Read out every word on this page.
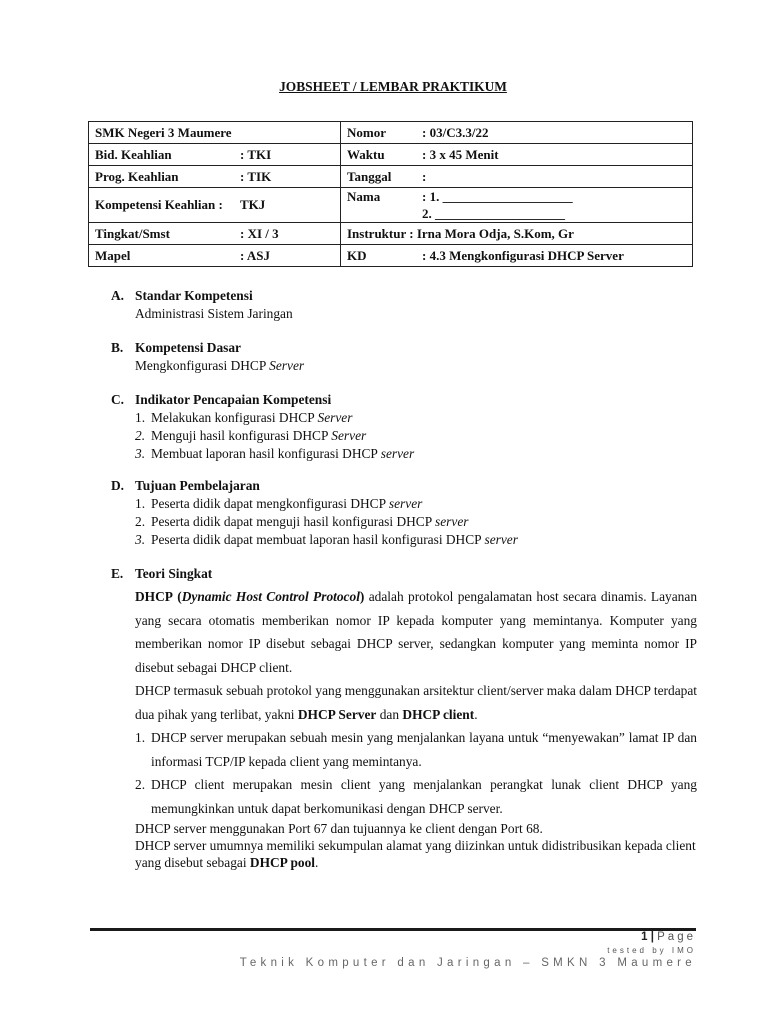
JOBSHEET / LEMBAR PRAKTIKUM
SMK Negeri 3 Maumere	Nomor : 03/C3.3/22

Bid. Keahlian : TKI	Waktu : 3 x 45 Menit

Prog. Keahlian : TIK	Tanggal :

Kompetensi Keahlian : TKJ	Nama : 1. ____________________
2. ____________________

Tingkat/Smst : XI / 3	Instruktur : Irna Mora Odja, S.Kom, Gr

Mapel : ASJ	KD : 4.3 Mengkonfigurasi DHCP Server
A. Standar Kompetensi
Administrasi Sistem Jaringan
B. Kompetensi Dasar
Mengkonfigurasi DHCP Server
C. Indikator Pencapaian Kompetensi
1. Melakukan konfigurasi DHCP Server
2. Menguji hasil konfigurasi DHCP Server
3. Membuat laporan hasil konfigurasi DHCP server
D. Tujuan Pembelajaran
1. Peserta didik dapat mengkonfigurasi DHCP server
2. Peserta didik dapat menguji hasil konfigurasi DHCP server
3. Peserta didik dapat membuat laporan hasil konfigurasi DHCP server
E. Teori Singkat

DHCP (Dynamic Host Control Protocol) adalah protokol pengalamatan host secara dinamis. Layanan yang secara otomatis memberikan nomor IP kepada komputer yang memintanya. Komputer yang memberikan nomor IP disebut sebagai DHCP server, sedangkan komputer yang meminta nomor IP disebut sebagai DHCP client.

DHCP termasuk sebuah protokol yang menggunakan arsitektur client/server maka dalam DHCP terdapat dua pihak yang terlibat, yakni DHCP Server dan DHCP client.

1. DHCP server merupakan sebuah mesin yang menjalankan layana untuk “menyewakan” lamat IP dan informasi TCP/IP kepada client yang memintanya.
2. DHCP client merupakan mesin client yang menjalankan perangkat lunak client DHCP yang memungkinkan untuk dapat berkomunikasi dengan DHCP server.

DHCP server menggunakan Port 67 dan tujuannya ke client dengan Port 68.

DHCP server umumnya memiliki sekumpulan alamat yang diizinkan untuk didistribusikan kepada client yang disebut sebagai DHCP pool.

1 | Page
tested by IMO
Teknik Komputer dan Jaringan – SMKN 3 Maumere
